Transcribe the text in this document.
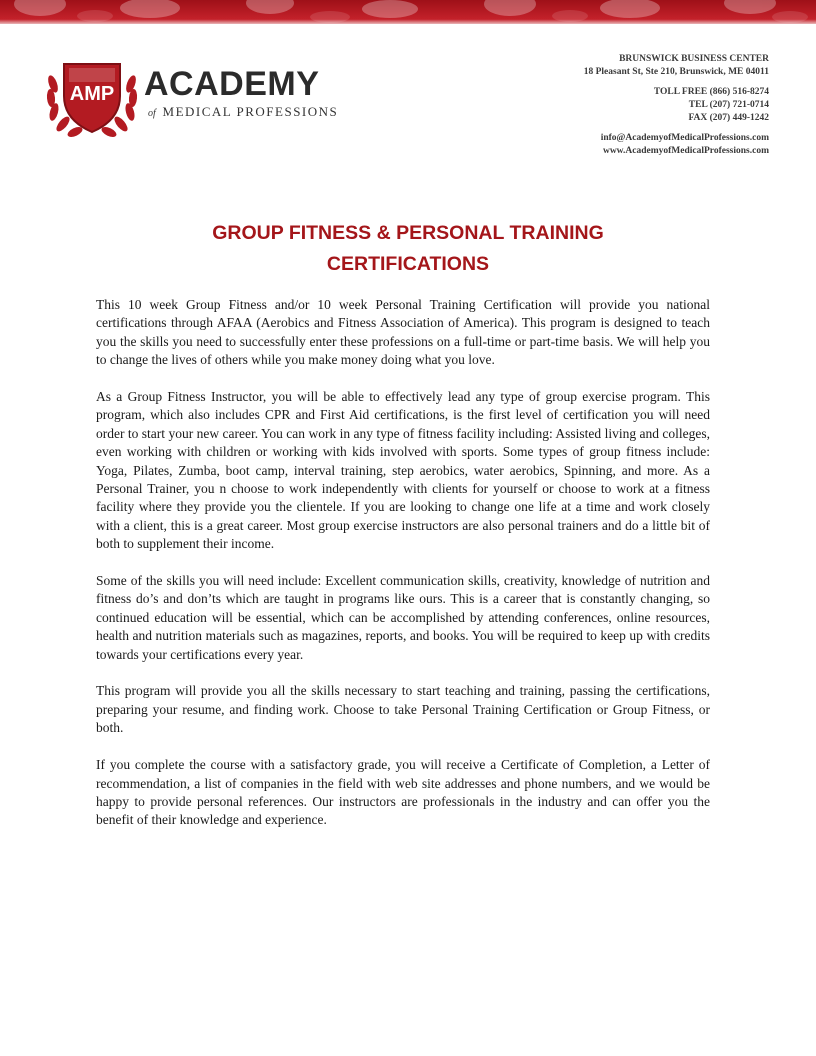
AMP ACADEMY
of MEDICAL PROFESSIONS
BRUNSWICK BUSINESS CENTER
18 Pleasant St, Ste 210, Brunswick, ME 04011
TOLL FREE (866) 516-8274
TEL (207) 721-0714
FAX (207) 449-1242
info@AcademyofMedicalProfessions.com
www.AcademyofMedicalProfessions.com
GROUP FITNESS & PERSONAL TRAINING
CERTIFICATIONS

This 10 week Group Fitness and/or 10 week Personal Training Certification will provide you national certifications through AFAA (Aerobics and Fitness Association of America). This program is designed to teach you the skills you need to successfully enter these professions on a full-time or part-time basis. We will help you to change the lives of others while you make money doing what you love.

As a Group Fitness Instructor, you will be able to effectively lead any type of group exercise program. This program, which also includes CPR and First Aid certifications, is the first level of certification you will need order to start your new career. You can work in any type of fitness facility including: Assisted living and colleges, even working with children or working with kids involved with sports. Some types of group fitness include: Yoga, Pilates, Zumba, boot camp, interval training, step aerobics, water aerobics, Spinning, and more. As a Personal Trainer, you n choose to work independently with clients for yourself or choose to work at a fitness facility where they provide you the clientele. If you are looking to change one life at a time and work closely with a client, this is a great career. Most group exercise instructors are also personal trainers and do a little bit of both to supplement their income.

Some of the skills you will need include: Excellent communication skills, creativity, knowledge of nutrition and fitness do’s and don’ts which are taught in programs like ours. This is a career that is constantly changing, so continued education will be essential, which can be accomplished by attending conferences, online resources, health and nutrition materials such as magazines, reports, and books. You will be required to keep up with credits towards your certifications every year.

This program will provide you all the skills necessary to start teaching and training, passing the certifications, preparing your resume, and finding work. Choose to take Personal Training Certification or Group Fitness, or both.

If you complete the course with a satisfactory grade, you will receive a Certificate of Completion, a Letter of recommendation, a list of companies in the field with web site addresses and phone numbers, and we would be happy to provide personal references. Our instructors are professionals in the industry and can offer you the benefit of their knowledge and experience.
